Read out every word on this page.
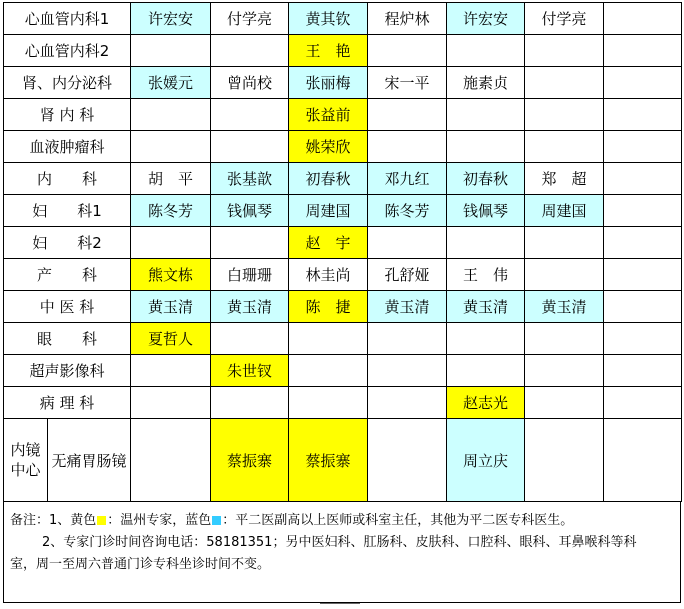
心血管内科1		许宏安	付学亮	黄其钦	程炉林	许宏安	付学亮	
心血管内科2				王　艳				
肾、内分泌科		张媛元	曾尚校	张丽梅	宋一平	施素贞		
肾 内 科				张益前				
血液肿瘤科				姚荣欣				
内　　科		胡　平	张基歆	初春秋	邓九红	初春秋	郑　超	
妇　　科1		陈冬芳	钱佩琴	周建国	陈冬芳	钱佩琴	周建国	
妇　　科2				赵　宇				
产　　科		熊文栋	白珊珊	林圭尚	孔舒娅	王　伟		
中 医 科		黄玉清	黄玉清	陈　捷	黄玉清	黄玉清	黄玉清	
眼　　科		夏哲人						
超声影像科			朱世钗					
病 理 科						赵志光		

内镜
中心	无痛胃肠镜		蔡振寨	蔡振寨		周立庆		
备注：1、黄色 ：温州专家，蓝色 ：平二医副高以上医师或科室主任，其他为平二医专科医生。
2、专家门诊时间咨询电话：58181351；另中医妇科、肛肠科、皮肤科、口腔科、眼科、耳鼻喉科等科
室，周一至周六普通门诊专科坐诊时间不变。
